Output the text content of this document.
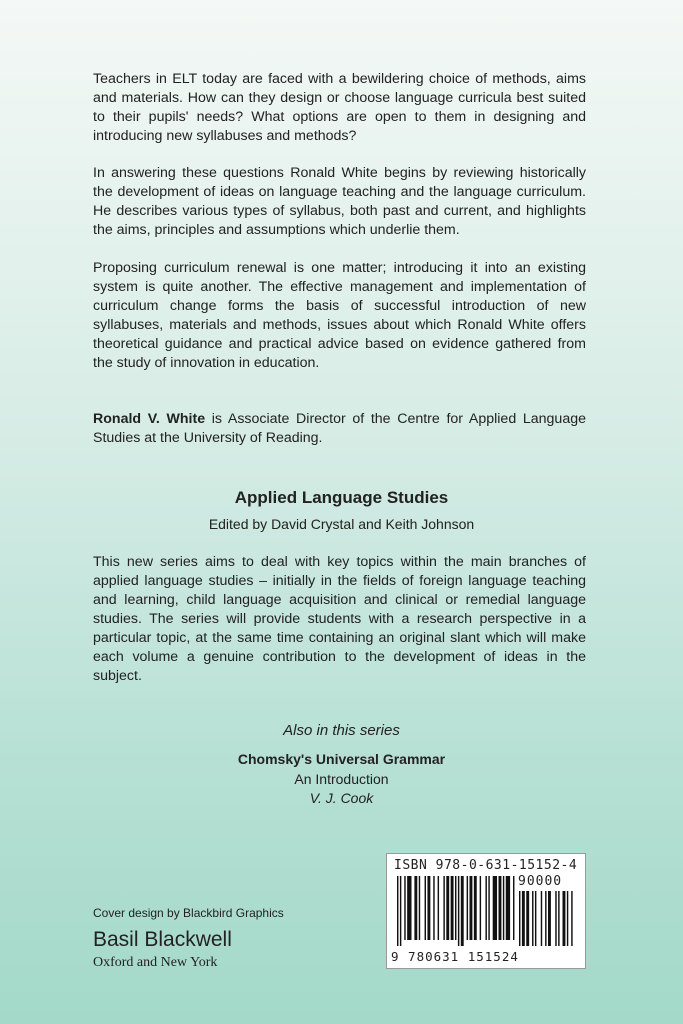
Teachers in ELT today are faced with a bewildering choice of methods, aims and materials. How can they design or choose language curricula best suited to their pupils' needs? What options are open to them in designing and introducing new syllabuses and methods?

In answering these questions Ronald White begins by reviewing historically the development of ideas on language teaching and the language curriculum. He describes various types of syllabus, both past and current, and highlights the aims, principles and assumptions which underlie them.

Proposing curriculum renewal is one matter; introducing it into an existing system is quite another. The effective management and implementation of curriculum change forms the basis of successful introduction of new syllabuses, materials and methods, issues about which Ronald White offers theoretical guidance and practical advice based on evidence gathered from the study of innovation in education.

Ronald V. White is Associate Director of the Centre for Applied Language Studies at the University of Reading.

Applied Language Studies

Edited by David Crystal and Keith Johnson

This new series aims to deal with key topics within the main branches of applied language studies – initially in the fields of foreign language teaching and learning, child language acquisition and clinical or remedial language studies. The series will provide students with a research perspective in a particular topic, at the same time containing an original slant which will make each volume a genuine contribution to the development of ideas in the subject.

Also in this series

Chomsky's Universal Grammar

An Introduction

V. J. Cook

Cover design by Blackbird Graphics

Basil Blackwell

Oxford and New York

ISBN 978-0-631-15152-4

90000

9 780631 151524
